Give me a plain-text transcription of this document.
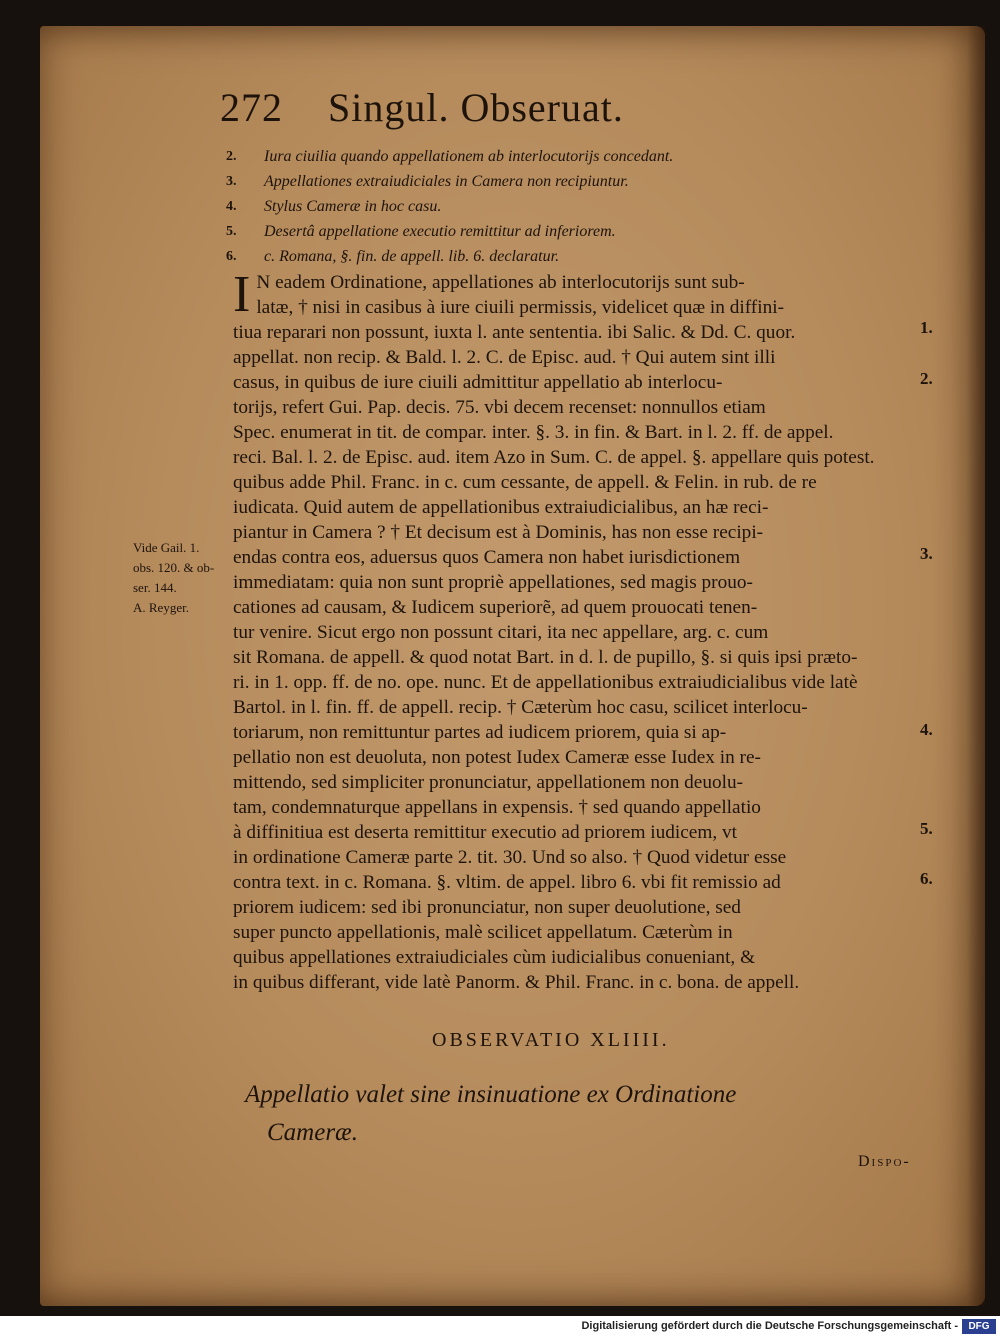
272 Singul. Obseruat.
2.	Iura ciuilia quando appellationem ab interlocutorijs concedant.
3.	Appellationes extraiudiciales in Camera non recipiuntur.
4.	Stylus Cameræ in hoc casu.
5.	Desertâ appellatione executio remittitur ad inferiorem.
6.	c. Romana, §. fin. de appell. lib. 6. declaratur.
I N eadem Ordinatione, appellationes ab interlocutorijs sunt sub-
latæ, † nisi in casibus à iure ciuili permissis, videlicet quæ in diffini-
tiua reparari non possunt, iuxta l. ante sententia. ibi Salic. & Dd. C. quor.
appellat. non recip. & Bald. l. 2. C. de Episc. aud. † Qui autem sint illi
casus, in quibus de iure ciuili admittitur appellatio ab interlocu-
torijs, refert Gui. Pap. decis. 75. vbi decem recenset: nonnullos etiam
Spec. enumerat in tit. de compar. inter. §. 3. in fin. & Bart. in l. 2. ff. de appel.
reci. Bal. l. 2. de Episc. aud. item Azo in Sum. C. de appel. §. appellare quis potest.
quibus adde Phil. Franc. in c. cum cessante, de appell. & Felin. in rub. de re
iudicata. Quid autem de appellationibus extraiudicialibus, an hæ reci-
piantur in Camera ? † Et decisum est à Dominis, has non esse recipi-
endas contra eos, aduersus quos Camera non habet iurisdictionem
immediatam: quia non sunt propriè appellationes, sed magis prouo-
cationes ad causam, & Iudicem superiorẽ, ad quem prouocati tenen-
tur venire. Sicut ergo non possunt citari, ita nec appellare, arg. c. cum
sit Romana. de appell. & quod notat Bart. in d. l. de pupillo, §. si quis ipsi præto-
ri. in 1. opp. ff. de no. ope. nunc. Et de appellationibus extraiudicialibus vide latè
Bartol. in l. fin. ff. de appell. recip. † Cæterùm hoc casu, scilicet interlocu-
toriarum, non remittuntur partes ad iudicem priorem, quia si ap-
pellatio non est deuoluta, non potest Iudex Cameræ esse Iudex in re-
mittendo, sed simpliciter pronunciatur, appellationem non deuolu-
tam, condemnaturque appellans in expensis. † sed quando appellatio
à diffinitiua est deserta remittitur executio ad priorem iudicem, vt
in ordinatione Cameræ parte 2. tit. 30. Und so also. † Quod videtur esse
contra text. in c. Romana. §. vltim. de appel. libro 6. vbi fit remissio ad
priorem iudicem: sed ibi pronunciatur, non super deuolutione, sed
super puncto appellationis, malè scilicet appellatum. Cæterùm in
quibus appellationes extraiudiciales cùm iudicialibus conueniant, &
in quibus differant, vide latè Panorm. & Phil. Franc. in c. bona. de appell.
1.
2.
3.
4.
5.
6.
Vide Gail. 1.
obs. 120. & ob-
ser. 144.
A. Reyger.
OBSERVATIO XLIIII.
Appellatio valet sine insinuatione ex Ordinatione
Cameræ.
Dispo-
Digitalisierung gefördert durch die Deutsche Forschungsgemeinschaft -	DFG
